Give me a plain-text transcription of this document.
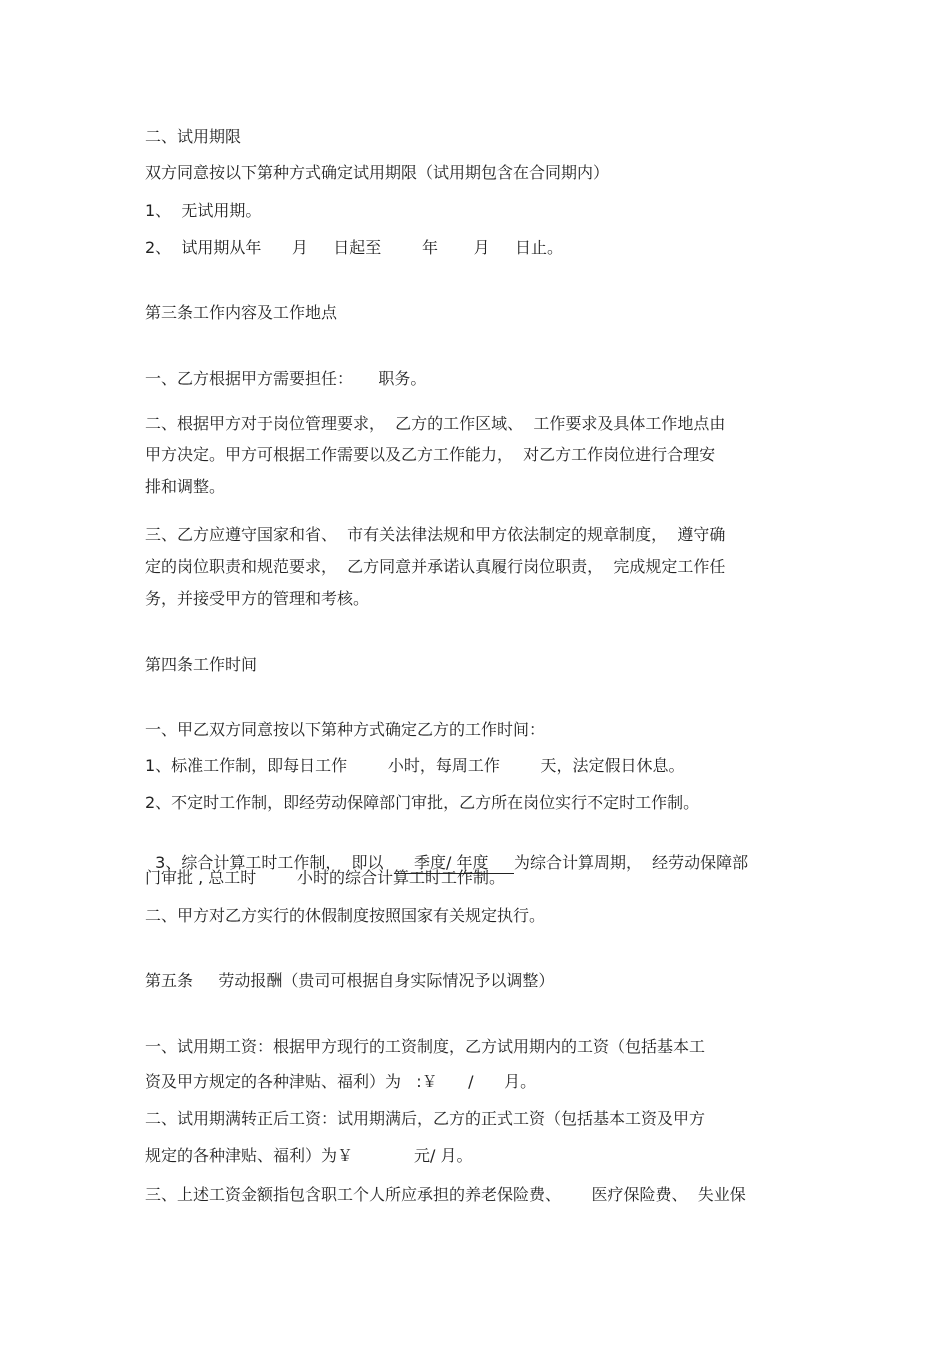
二、试用期限

双方同意按以下第种方式确定试用期限（试用期包含在合同期内）

1、  无试用期。

2、  试用期从年      月     日起至        年       月     日止。

第三条工作内容及工作地点

一、乙方根据甲方需要担任：     职务。

二、根据甲方对于岗位管理要求，  乙方的工作区域、  工作要求及具体工作地点由

甲方决定。甲方可根据工作需要以及乙方工作能力，  对乙方工作岗位进行合理安

排和调整。

三、乙方应遵守国家和省、  市有关法律法规和甲方依法制定的规章制度，  遵守确

定的岗位职责和规范要求，  乙方同意并承诺认真履行岗位职责，  完成规定工作任

务，并接受甲方的管理和考核。

第四条工作时间

一、甲乙双方同意按以下第种方式确定乙方的工作时间：

1、标准工作制，即每日工作        小时，每周工作        天，法定假日休息。

2、不定时工作制，即经劳动保障部门审批，乙方所在岗位实行不定时工作制。

3、综合计算工时工作制，  即以      季度/ 年度     为综合计算周期，  经劳动保障部

门审批 , 总工时        小时的综合计算工时工作制。

二、甲方对乙方实行的休假制度按照国家有关规定执行。

第五条     劳动报酬（贵司可根据自身实际情况予以调整）

一、试用期工资：根据甲方现行的工资制度，乙方试用期内的工资（包括基本工

资及甲方规定的各种津贴、福利）为   :￥      /      月。

二、试用期满转正后工资：试用期满后，乙方的正式工资（包括基本工资及甲方

规定的各种津贴、福利）为￥            元/ 月。

三、上述工资金额指包含职工个人所应承担的养老保险费、      医疗保险费、  失业保
